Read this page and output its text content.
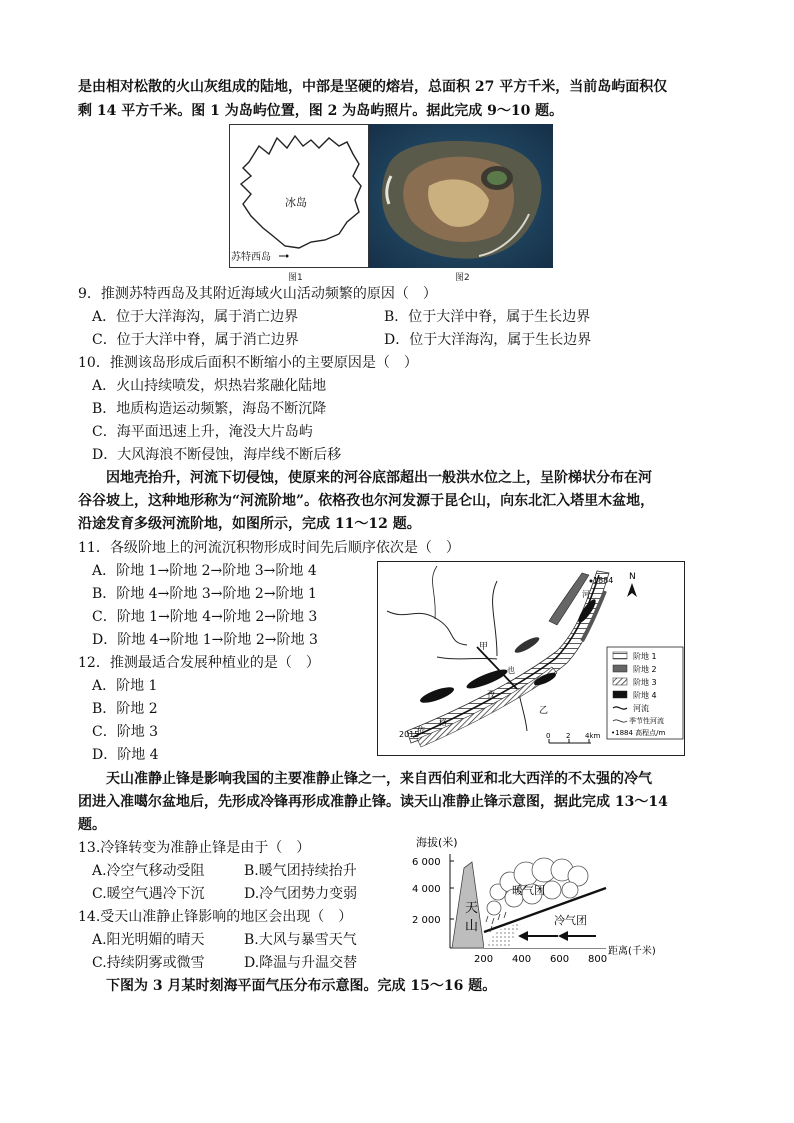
是由相对松散的火山灰组成的陆地，中部是坚硬的熔岩，总面积 27 平方千米，当前岛屿面积仅
剩 14 平方千米。图 1 为岛屿位置，图 2 为岛屿照片。据此完成 9～10 题。
冰岛
苏特西岛
图1	图2
9．推测苏特西岛及其附近海域火山活动频繁的原因（　）
A．位于大洋海沟，属于消亡边界	B．位于大洋中脊，属于生长边界
C．位于大洋中脊，属于消亡边界	D．位于大洋海沟，属于生长边界
10．推测该岛形成后面积不断缩小的主要原因是（　）
A．火山持续喷发，炽热岩浆融化陆地
B．地质构造运动频繁，海岛不断沉降
C．海平面迅速上升，淹没大片岛屿
D．大风海浪不断侵蚀，海岸线不断后移
因地壳抬升，河流下切侵蚀，使原来的河谷底部超出一般洪水位之上，呈阶梯状分布在河
谷谷坡上，这种地形称为“河流阶地”。依格孜也尔河发源于昆仑山，向东北汇入塔里木盆地，
沿途发育多级河流阶地，如图所示，完成 11～12 题。
11．各级阶地上的河流沉积物形成时间先后顺序依次是（　）
A．阶地 1→阶地 2→阶地 3→阶地 4
B．阶地 4→阶地 3→阶地 2→阶地 1
C．阶地 1→阶地 4→阶地 2→阶地 3
D．阶地 4→阶地 1→阶地 2→阶地 3
12．推测最适合发展种植业的是（　）
A．阶地 1
B．阶地 2
C．阶地 3
D．阶地 4
甲
乙
河
格
孜
也
依
1884
2015
N
阶地 1
阶地 2
阶地 3
阶地 4
河流
季节性河流
•1884 高程点/m
0 2 4km
天山准静止锋是影响我国的主要准静止锋之一，来自西伯利亚和北大西洋的不太强的冷气
团进入准噶尔盆地后，先形成冷锋再形成准静止锋。读天山准静止锋示意图，据此完成 13～14
题。
13.冷锋转变为准静止锋是由于（　）
A.冷空气移动受阻	B.暖气团持续抬升
C.暖空气遇冷下沉	D.冷气团势力变弱
14.受天山准静止锋影响的地区会出现（　）
A.阳光明媚的晴天	B.大风与暴雪天气
C.持续阴雾或微雪	D.降温与升温交替
海拔(米)
6 000
4 000
2 000
200 400 600 800
距离(千米)
天
山
暖气团
冷气团
下图为 3 月某时刻海平面气压分布示意图。完成 15～16 题。
